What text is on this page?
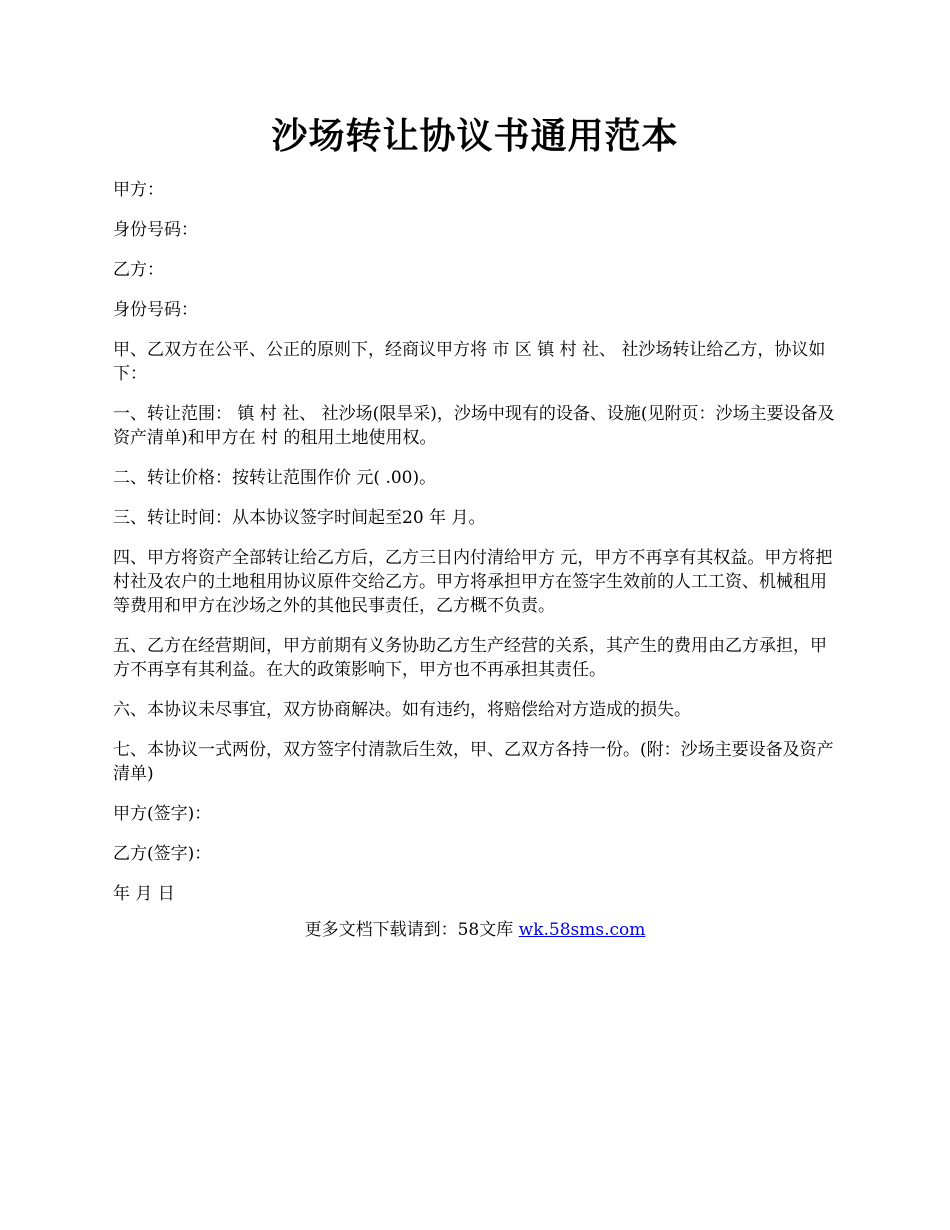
沙场转让协议书通用范本

甲方：

身份号码：

乙方：

身份号码：

甲、乙双方在公平、公正的原则下，经商议甲方将 市 区 镇 村 社、 社沙场转让给乙方，协议如下：

一、转让范围： 镇 村 社、 社沙场(限旱采)，沙场中现有的设备、设施(见附页：沙场主要设备及资产清单)和甲方在 村 的租用土地使用权。

二、转让价格：按转让范围作价 元( .00)。

三、转让时间：从本协议签字时间起至20 年 月。

四、甲方将资产全部转让给乙方后，乙方三日内付清给甲方 元，甲方不再享有其权益。甲方将把村社及农户的土地租用协议原件交给乙方。甲方将承担甲方在签字生效前的人工工资、机械租用等费用和甲方在沙场之外的其他民事责任，乙方概不负责。

五、乙方在经营期间，甲方前期有义务协助乙方生产经营的关系，其产生的费用由乙方承担，甲方不再享有其利益。在大的政策影响下，甲方也不再承担其责任。

六、本协议未尽事宜，双方协商解决。如有违约，将赔偿给对方造成的损失。

七、本协议一式两份，双方签字付清款后生效，甲、乙双方各持一份。(附：沙场主要设备及资产清单)

甲方(签字)：

乙方(签字)：

年 月 日

更多文档下载请到：58文库 wk.58sms.com
